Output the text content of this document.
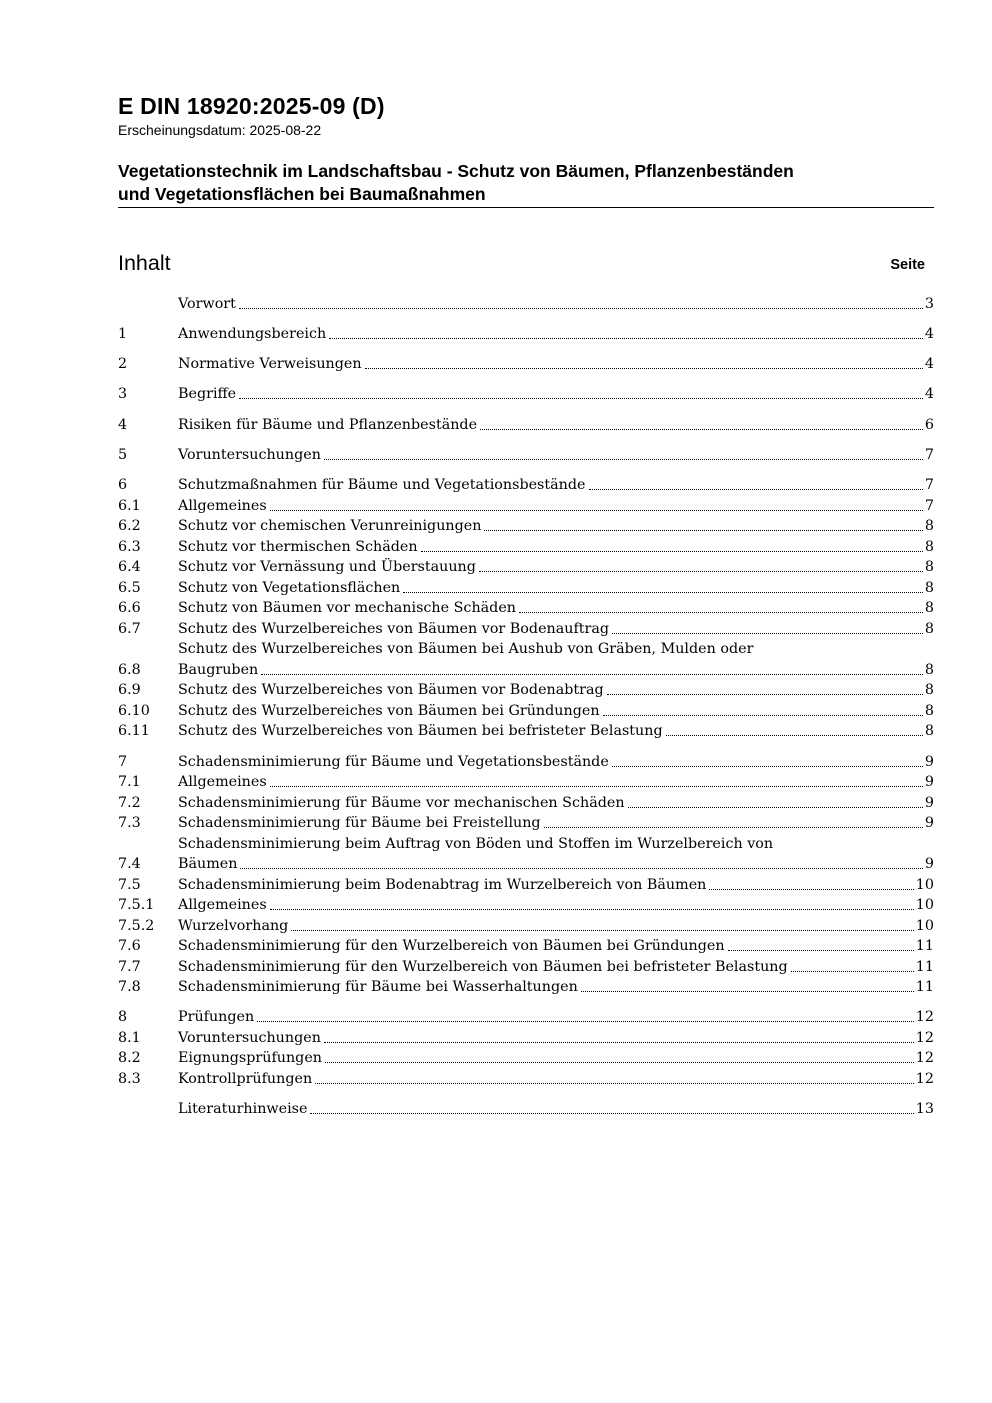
E DIN 18920:2025-09 (D)
Erscheinungsdatum: 2025-08-22
Vegetationstechnik im Landschaftsbau - Schutz von Bäumen, Pflanzenbeständen
und Vegetationsflächen bei Baumaßnahmen
Inhalt	Seite
Vorwort	3
1	Anwendungsbereich	4
2	Normative Verweisungen	4
3	Begriffe	4
4	Risiken für Bäume und Pflanzenbestände	6
5	Voruntersuchungen	7
6	Schutzmaßnahmen für Bäume und Vegetationsbestände	7
6.1	Allgemeines	7
6.2	Schutz vor chemischen Verunreinigungen	8
6.3	Schutz vor thermischen Schäden	8
6.4	Schutz vor Vernässung und Überstauung	8
6.5	Schutz von Vegetationsflächen	8
6.6	Schutz von Bäumen vor mechanische Schäden	8
6.7	Schutz des Wurzelbereiches von Bäumen vor Bodenauftrag	8
6.8
Schutz des Wurzelbereiches von Bäumen bei Aushub von Gräben, Mulden oder
Baugruben	8
6.9	Schutz des Wurzelbereiches von Bäumen vor Bodenabtrag	8
6.10	Schutz des Wurzelbereiches von Bäumen bei Gründungen	8
6.11	Schutz des Wurzelbereiches von Bäumen bei befristeter Belastung	8
7	Schadensminimierung für Bäume und Vegetationsbestände	9
7.1	Allgemeines	9
7.2	Schadensminimierung für Bäume vor mechanischen Schäden	9
7.3	Schadensminimierung für Bäume bei Freistellung	9
7.4
Schadensminimierung beim Auftrag von Böden und Stoffen im Wurzelbereich von
Bäumen	9
7.5	Schadensminimierung beim Bodenabtrag im Wurzelbereich von Bäumen	10
7.5.1	Allgemeines	10
7.5.2	Wurzelvorhang	10
7.6	Schadensminimierung für den Wurzelbereich von Bäumen bei Gründungen	11
7.7	Schadensminimierung für den Wurzelbereich von Bäumen bei befristeter Belastung	11
7.8	Schadensminimierung für Bäume bei Wasserhaltungen	11
8	Prüfungen	12
8.1	Voruntersuchungen	12
8.2	Eignungsprüfungen	12
8.3	Kontrollprüfungen	12
Literaturhinweise	13
